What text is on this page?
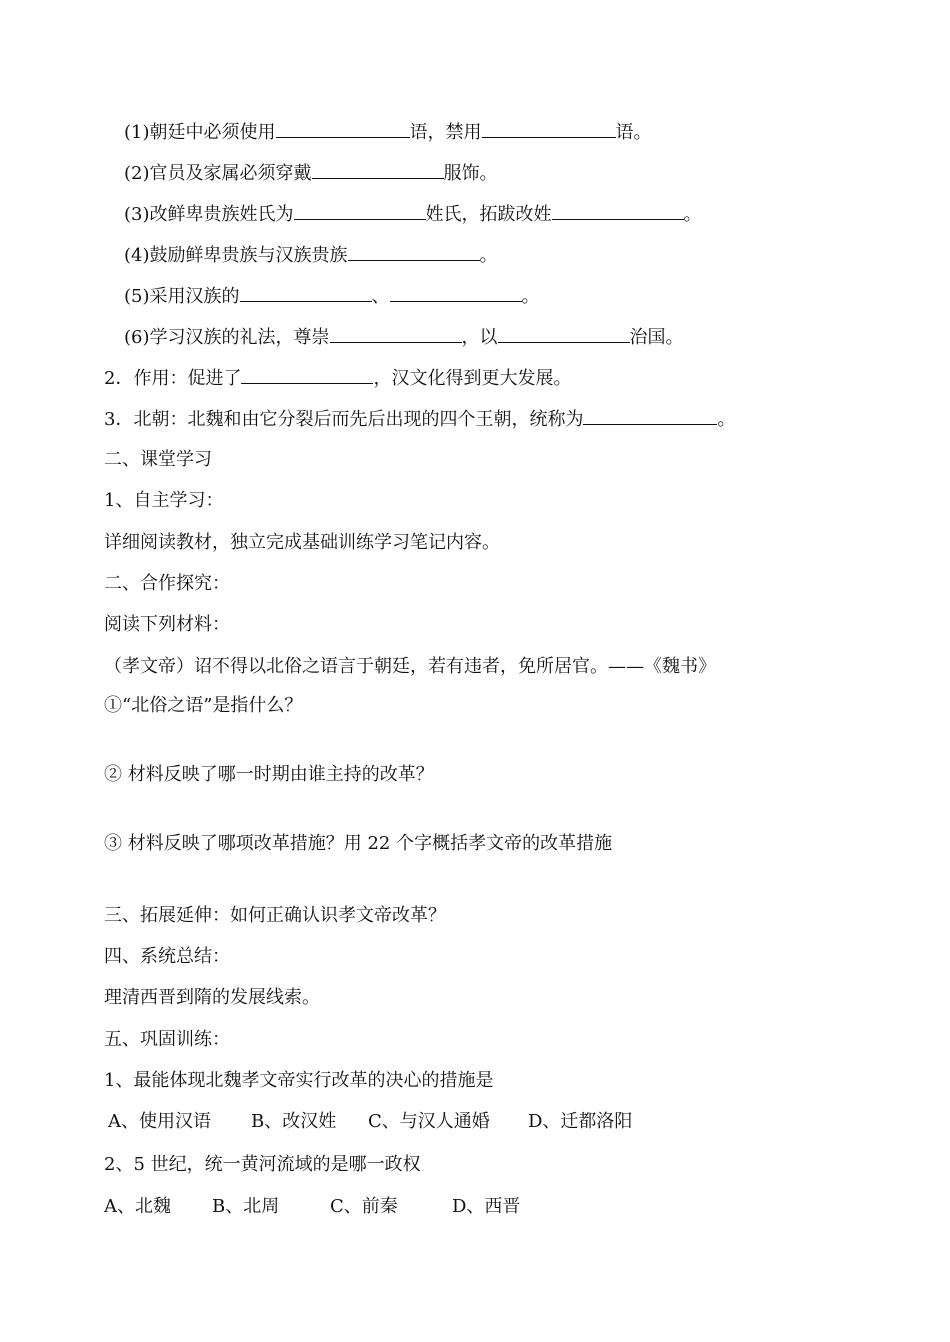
(1)朝廷中必须使用	语，禁用	语。
(2)官员及家属必须穿戴	服饰。
(3)改鲜卑贵族姓氏为	姓氏，拓跋改姓	。
(4)鼓励鲜卑贵族与汉族贵族	。
(5)采用汉族的	、	。
(6)学习汉族的礼法，尊崇	，以	治国。
2．作用：促进了	，汉文化得到更大发展。
3．北朝：北魏和由它分裂后而先后出现的四个王朝，统称为	。
二、课堂学习
1、自主学习：
详细阅读教材，独立完成基础训练学习笔记内容。
二、合作探究：
阅读下列材料：
（孝文帝）诏不得以北俗之语言于朝廷，若有违者，免所居官。——《魏书》
①“北俗之语”是指什么？
② 材料反映了哪一时期由谁主持的改革？
③ 材料反映了哪项改革措施？用 22 个字概括孝文帝的改革措施
三、拓展延伸：如何正确认识孝文帝改革？
四、系统总结：
理清西晋到隋的发展线索。
五、巩固训练：
1、最能体现北魏孝文帝实行改革的决心的措施是
A、使用汉语 B、改汉姓 C、与汉人通婚 D、迁都洛阳
2、5 世纪，统一黄河流域的是哪一政权
A、北魏 B、北周	C、前秦	D、西晋
